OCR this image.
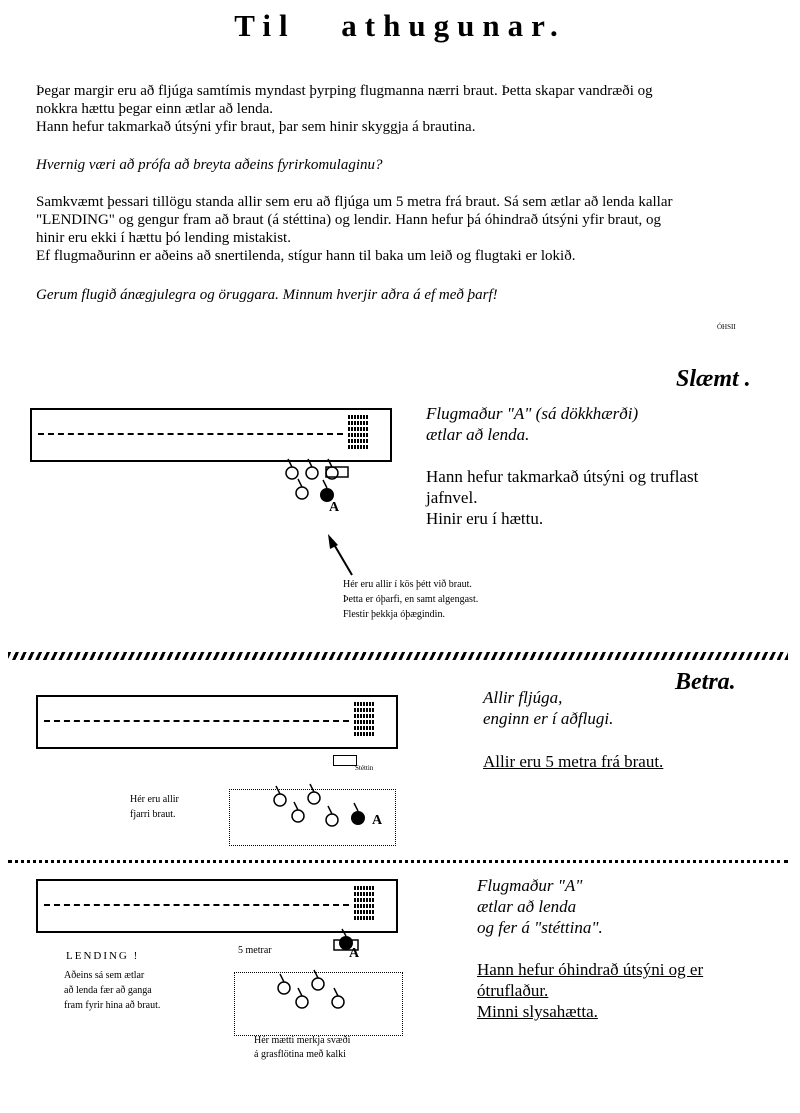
Til athugunar.
Þegar margir eru að fljúga samtímis myndast þyrping flugmanna nærri braut. Þetta skapar vandræði og
nokkra hættu þegar einn ætlar að lenda.
Hann hefur takmarkað útsýni yfir braut, þar sem hinir skyggja á brautina.
Hvernig væri að prófa að breyta aðeins fyrirkomulaginu?
Samkvæmt þessari tillögu standa allir sem eru að fljúga um 5 metra frá braut. Sá sem ætlar að lenda kallar
"LENDING" og gengur fram að braut (á stéttina) og lendir. Hann hefur þá óhindrað útsýni yfir braut, og
hinir eru ekki í hættu þó lending mistakist.
Ef flugmaðurinn er aðeins að snertilenda, stígur hann til baka um leið og flugtaki er lokið.
Gerum flugið ánægjulegra og öruggara. Minnum hverjir aðra á ef með þarf!
ÓHSII
Slæmt .
A
Flugmaður "A" (sá dökkhærði)
ætlar að lenda.
Hann hefur takmarkað útsýni og truflast
jafnvel.
Hinir eru í hættu.
Hér eru allir í kös þétt við braut.
Þetta er óþarfi, en samt algengast.
Flestir þekkja óþægindin.
Betra.
Stéttin
A
Hér eru allir
fjarri braut.
Allir fljúga,
enginn er í aðflugi.
Allir eru 5 metra frá braut.
A
5 metrar
Hér mætti merkja svæði
á grasflötina með kalki
LENDING !
Aðeins sá sem ætlar
að lenda fær að ganga
fram fyrir hina að braut.
Flugmaður "A"
ætlar að lenda
og fer á "stéttina".
Hann hefur óhindrað útsýni og er
ótruflaður.
Minni slysahætta.
